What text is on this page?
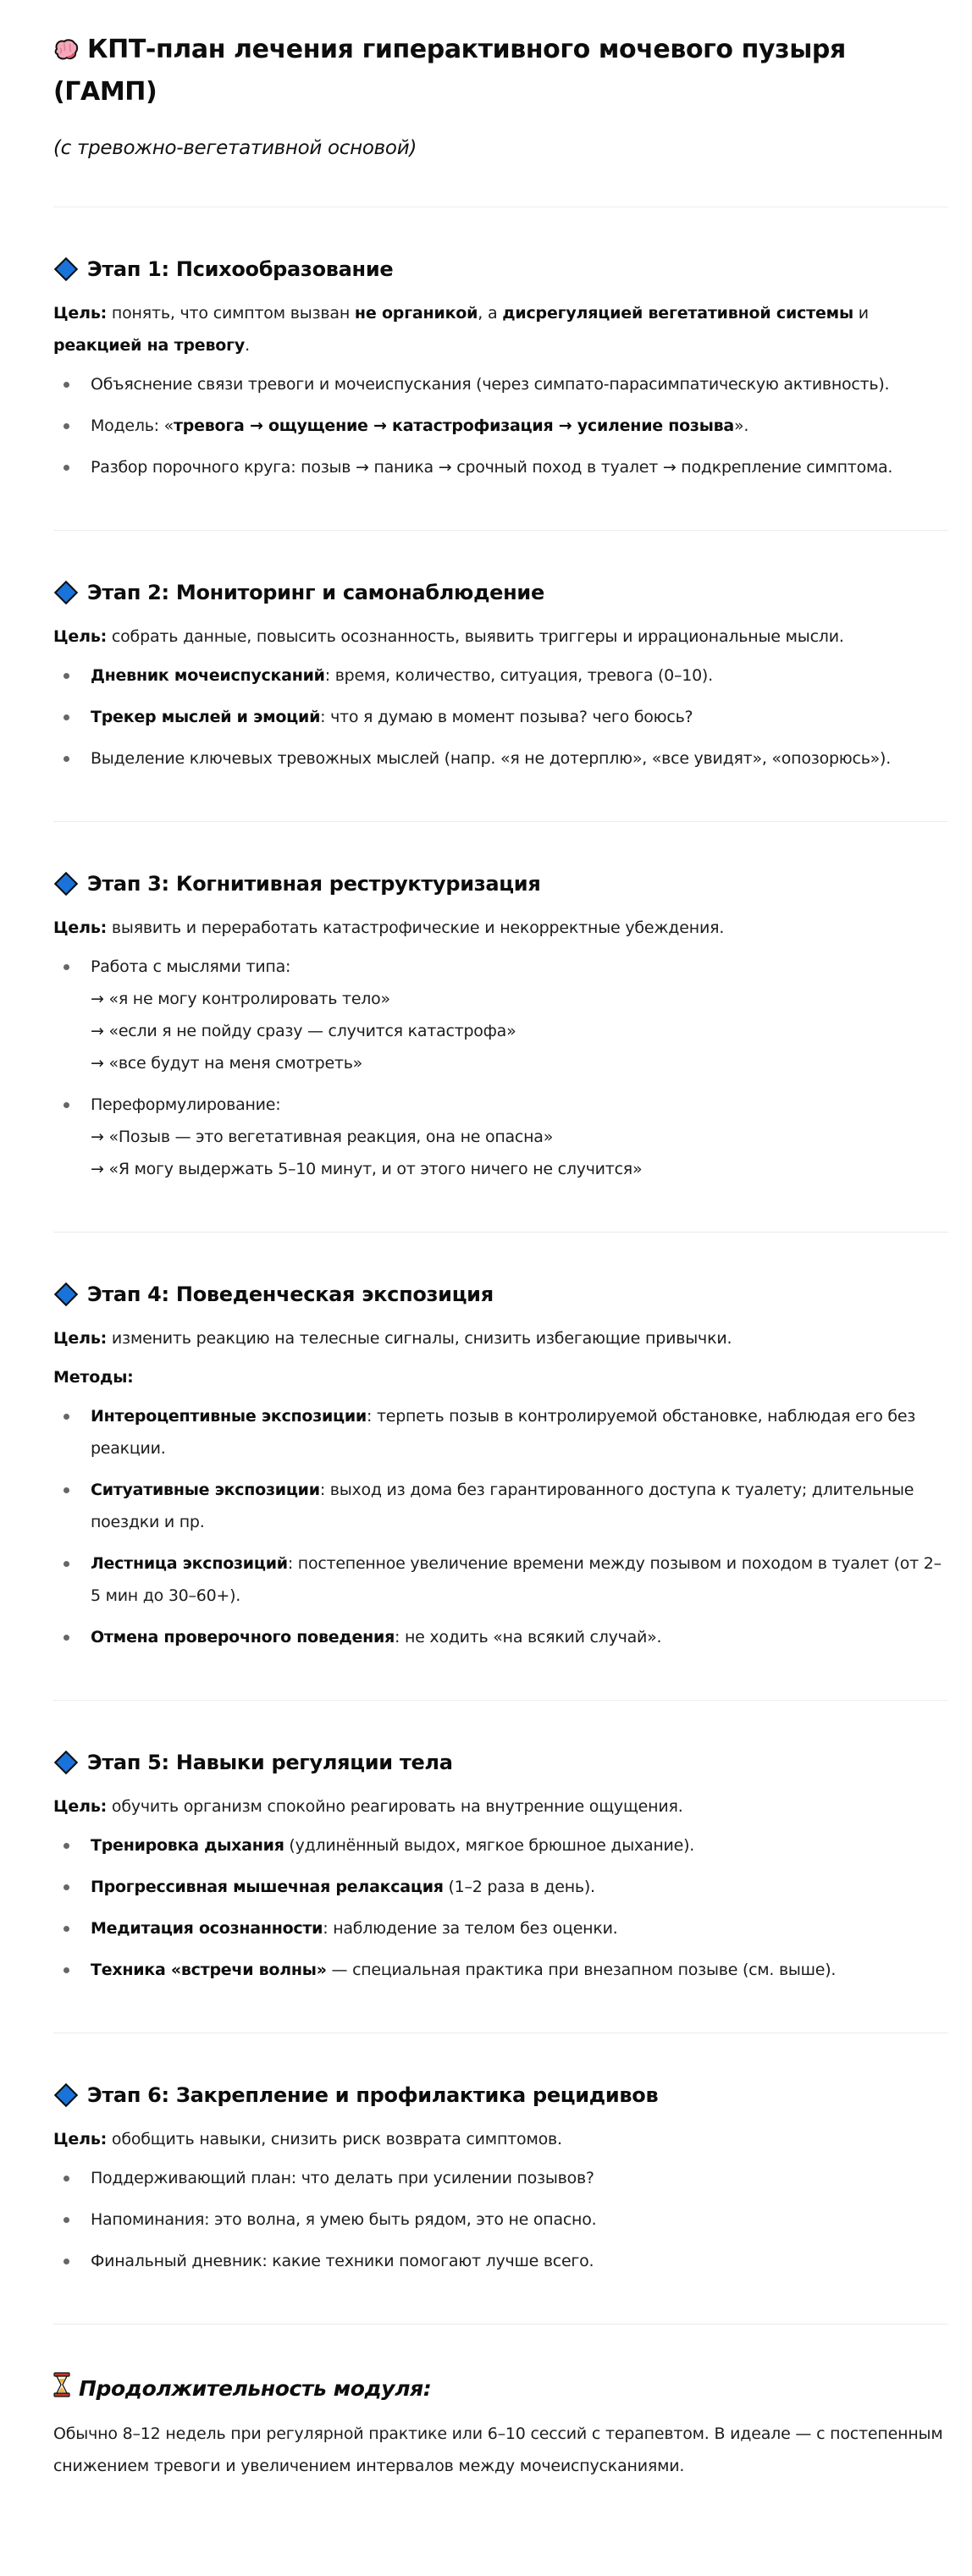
КПТ-план лечения гиперактивного мочевого пузыря (ГАМП)

(с тревожно-вегетативной основой)

Этап 1: Психообразование

Цель: понять, что симптом вызван не органикой, а дисрегуляцией вегетативной системы и реакцией на тревогу.

Объяснение связи тревоги и мочеиспускания (через симпато-парасимпатическую активность).
Модель: «тревога → ощущение → катастрофизация → усиление позыва».
Разбор порочного круга: позыв → паника → срочный поход в туалет → подкрепление симптома.
Этап 2: Мониторинг и самонаблюдение

Цель: собрать данные, повысить осознанность, выявить триггеры и иррациональные мысли.

Дневник мочеиспусканий: время, количество, ситуация, тревога (0–10).
Трекер мыслей и эмоций: что я думаю в момент позыва? чего боюсь?
Выделение ключевых тревожных мыслей (напр. «я не дотерплю», «все увидят», «опозорюсь»).
Этап 3: Когнитивная реструктуризация

Цель: выявить и переработать катастрофические и некорректные убеждения.

Работа с мыслями типа:
→ «я не могу контролировать тело»
→ «если я не пойду сразу — случится катастрофа»
→ «все будут на меня смотреть»
Переформулирование:
→ «Позыв — это вегетативная реакция, она не опасна»
→ «Я могу выдержать 5–10 минут, и от этого ничего не случится»
Этап 4: Поведенческая экспозиция

Цель: изменить реакцию на телесные сигналы, снизить избегающие привычки.

Методы:

Интероцептивные экспозиции: терпеть позыв в контролируемой обстановке, наблюдая его без реакции.
Ситуативные экспозиции: выход из дома без гарантированного доступа к туалету; длительные поездки и пр.
Лестница экспозиций: постепенное увеличение времени между позывом и походом в туалет (от 2–5 мин до 30–60+).
Отмена проверочного поведения: не ходить «на всякий случай».
Этап 5: Навыки регуляции тела

Цель: обучить организм спокойно реагировать на внутренние ощущения.

Тренировка дыхания (удлинённый выдох, мягкое брюшное дыхание).
Прогрессивная мышечная релаксация (1–2 раза в день).
Медитация осознанности: наблюдение за телом без оценки.
Техника «встречи волны» — специальная практика при внезапном позыве (см. выше).
Этап 6: Закрепление и профилактика рецидивов

Цель: обобщить навыки, снизить риск возврата симптомов.

Поддерживающий план: что делать при усилении позывов?
Напоминания: это волна, я умею быть рядом, это не опасно.
Финальный дневник: какие техники помогают лучше всего.
Продолжительность модуля:

Обычно 8–12 недель при регулярной практике или 6–10 сессий с терапевтом. В идеале — с постепенным снижением тревоги и увеличением интервалов между мочеиспусканиями.
